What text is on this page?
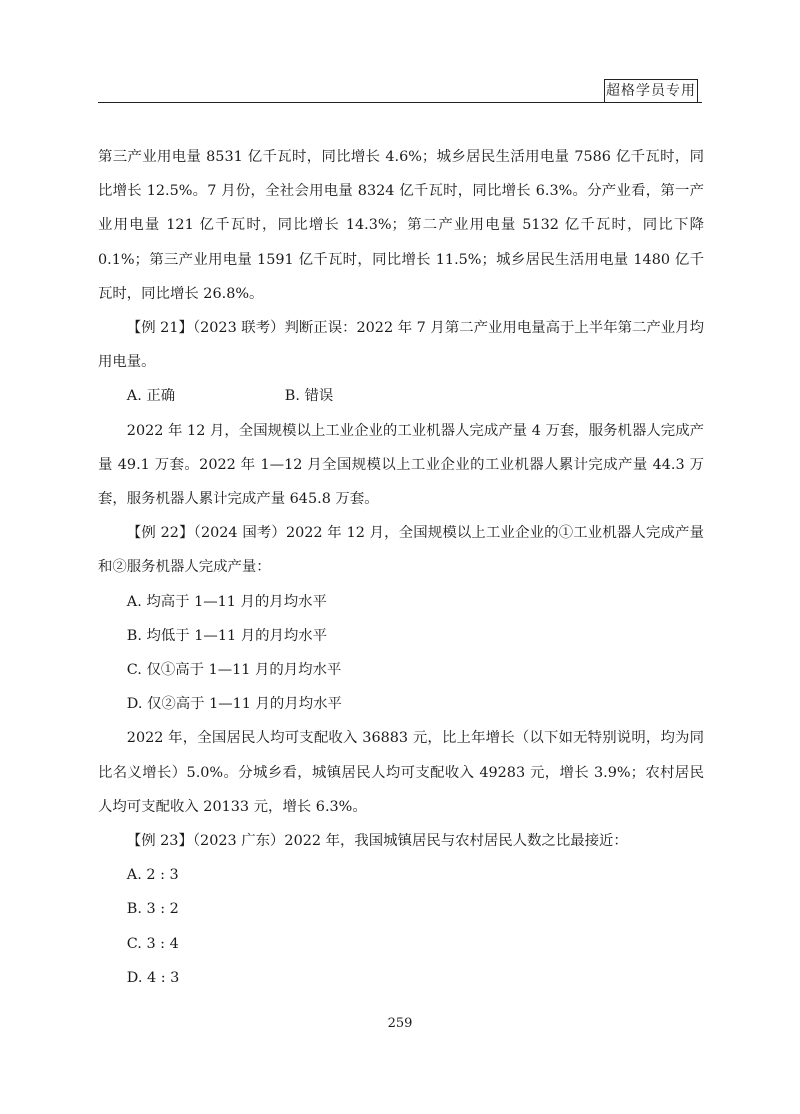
超格学员专用

第三产业用电量 8531 亿千瓦时，同比增长 4.6%；城乡居民生活用电量 7586 亿千瓦时，同比增长 12.5%。7 月份，全社会用电量 8324 亿千瓦时，同比增长 6.3%。分产业看，第一产业用电量 121 亿千瓦时，同比增长 14.3%；第二产业用电量 5132 亿千瓦时，同比下降 0.1%；第三产业用电量 1591 亿千瓦时，同比增长 11.5%；城乡居民生活用电量 1480 亿千瓦时，同比增长 26.8%。

【例 21】（2023 联考）判断正误：2022 年 7 月第二产业用电量高于上半年第二产业月均用电量。

A. 正确	B. 错误

2022 年 12 月，全国规模以上工业企业的工业机器人完成产量 4 万套，服务机器人完成产量 49.1 万套。2022 年 1—12 月全国规模以上工业企业的工业机器人累计完成产量 44.3 万套，服务机器人累计完成产量 645.8 万套。

【例 22】（2024 国考）2022 年 12 月，全国规模以上工业企业的①工业机器人完成产量和②服务机器人完成产量：

A. 均高于 1—11 月的月均水平

B. 均低于 1—11 月的月均水平

C. 仅①高于 1—11 月的月均水平

D. 仅②高于 1—11 月的月均水平

2022 年，全国居民人均可支配收入 36883 元，比上年增长（以下如无特别说明，均为同比名义增长）5.0%。分城乡看，城镇居民人均可支配收入 49283 元，增长 3.9%；农村居民人均可支配收入 20133 元，增长 6.3%。

【例 23】（2023 广东）2022 年，我国城镇居民与农村居民人数之比最接近：

A. 2 : 3

B. 3 : 2

C. 3 : 4

D. 4 : 3

259
